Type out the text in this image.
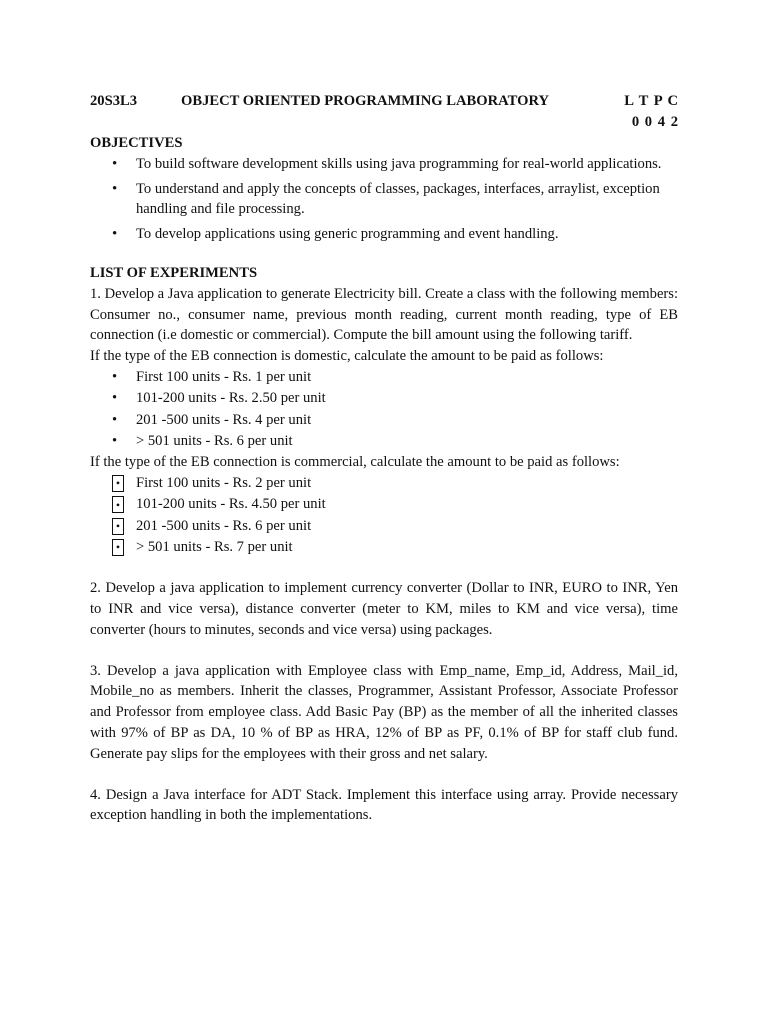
20S3L3	OBJECT ORIENTED PROGRAMMING LABORATORY	L T P C
0 0 4 2

OBJECTIVES

• To build software development skills using java programming for real-world applications.
• To understand and apply the concepts of classes, packages, interfaces, arraylist, exception handling and file processing.
• To develop applications using generic programming and event handling.

LIST OF EXPERIMENTS

1. Develop a Java application to generate Electricity bill. Create a class with the following members: Consumer no., consumer name, previous month reading, current month reading, type of EB connection (i.e domestic or commercial). Compute the bill amount using the following tariff.

If the type of the EB connection is domestic, calculate the amount to be paid as follows:

• First 100 units - Rs. 1 per unit
• 101-200 units - Rs. 2.50 per unit
• 201 -500 units - Rs. 4 per unit
• > 501 units - Rs. 6 per unit

If the type of the EB connection is commercial, calculate the amount to be paid as follows:

• First 100 units - Rs. 2 per unit
• 101-200 units - Rs. 4.50 per unit
• 201 -500 units - Rs. 6 per unit
• > 501 units - Rs. 7 per unit

2. Develop a java application to implement currency converter (Dollar to INR, EURO to INR, Yen to INR and vice versa), distance converter (meter to KM, miles to KM and vice versa), time converter (hours to minutes, seconds and vice versa) using packages.

3. Develop a java application with Employee class with Emp_name, Emp_id, Address, Mail_id, Mobile_no as members. Inherit the classes, Programmer, Assistant Professor, Associate Professor and Professor from employee class. Add Basic Pay (BP) as the member of all the inherited classes with 97% of BP as DA, 10 % of BP as HRA, 12% of BP as PF, 0.1% of BP for staff club fund. Generate pay slips for the employees with their gross and net salary.

4. Design a Java interface for ADT Stack. Implement this interface using array. Provide necessary exception handling in both the implementations.
